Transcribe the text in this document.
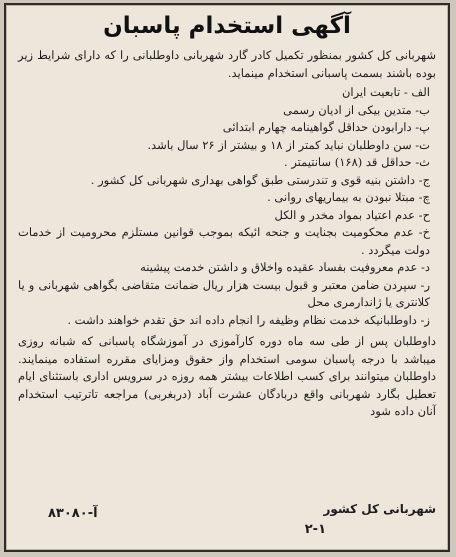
آگهی استخدام پاسبان

شهربانی کل کشور بمنظور تکمیل کادر گارد شهربانی داوطلبانی را که دارای شرایط زیر بوده باشند بسمت پاسبانی استخدام مینماید.

الف - تابعیت ایران
ب- متدین بیکی از ادیان رسمی
پ- دارابودن حداقل گواهینامه چهارم ابتدائی
ت- سن داوطلبان نباید کمتر از ۱۸ و بیشتر از ۲۶ سال باشد.
ث- حداقل قد (۱۶۸) سانتیمتر .
ج- داشتن بنیه قوی و تندرستی طبق گواهی بهداری شهربانی کل کشور .
چ- مبتلا نبودن به بیماریهای روانی .
ح- عدم اعتیاد بمواد مخدر و الکل
خ- عدم محکومیت بجنایت و جنحه ائیکه بموجب قوانین مستلزم محرومیت از خدمات دولت میگردد .
د- عدم معروفیت بفساد عقیده واخلاق و داشتن خدمت پیشینه
ر- سپردن ضامن معتبر و قبول بیست هزار ریال ضمانت متقاضی بگواهی شهربانی و یا کلانتری یا ژاندارمری محل
ز- داوطلبانیکه خدمت نظام وظیفه را انجام داده اند حق تقدم خواهند داشت .

داوطلبان پس از طی سه ماه دوره کارآموزی در آموزشگاه پاسبانی که شبانه روزی میباشد با درجه پاسبان سومی استخدام واز حقوق ومزایای مقرره استفاده مینمایند. داوطلبان میتوانند برای کسب اطلاعات بیشتر همه روزه در سرویس اداری باستثنای ایام تعطیل بگارد شهربانی واقع دربادگان عشرت آباد (دربغربی) مراجعه تاترتیب استخدام آنان داده شود

شهربانی کل کشور
۲-۱
آ-۸۳۰۸۰
